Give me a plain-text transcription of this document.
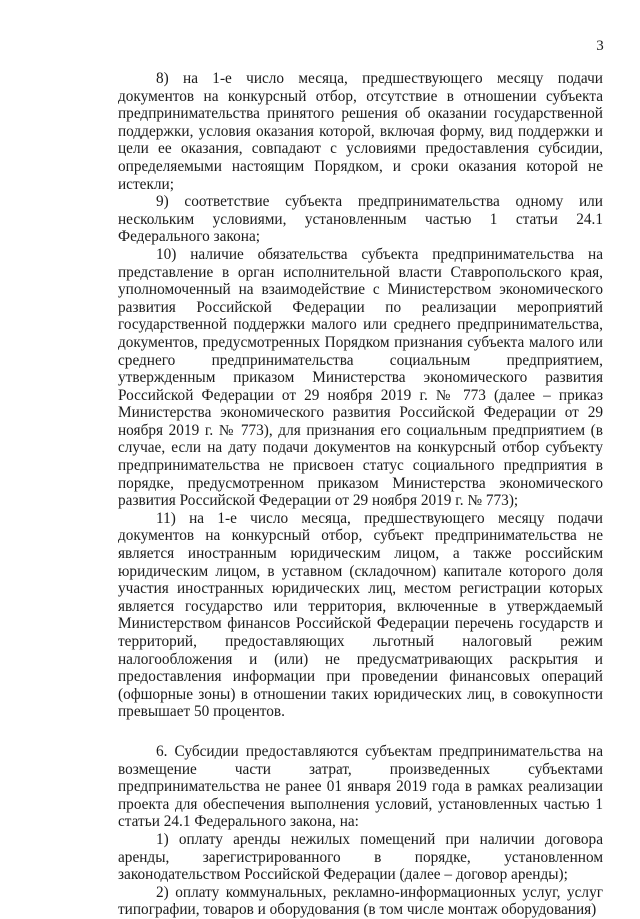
3

8) на 1-е число месяца, предшествующего месяцу подачи документов на конкурсный отбор, отсутствие в отношении субъекта предпринимательства принятого решения об оказании государственной поддержки, условия оказания которой, включая форму, вид поддержки и цели ее оказания, совпадают с условиями предоставления субсидии, определяемыми настоящим Порядком, и сроки оказания которой не истекли;

9) соответствие субъекта предпринимательства одному или нескольким условиями, установленным частью 1 статьи 24.1 Федерального закона;

10) наличие обязательства субъекта предпринимательства на представление в орган исполнительной власти Ставропольского края, уполномоченный на взаимодействие с Министерством экономического развития Российской Федерации по реализации мероприятий государственной поддержки малого или среднего предпринимательства, документов, предусмотренных Порядком признания субъекта малого или среднего предпринимательства социальным предприятием, утвержденным приказом Министерства экономического развития Российской Федерации от 29 ноября 2019 г. № 773 (далее – приказ Министерства экономического развития Российской Федерации от 29 ноября 2019 г. № 773), для признания его социальным предприятием (в случае, если на дату подачи документов на конкурсный отбор субъекту предпринимательства не присвоен статус социального предприятия в порядке, предусмотренном приказом Министерства экономического развития Российской Федерации от 29 ноября 2019 г. № 773);

11) на 1-е число месяца, предшествующего месяцу подачи документов на конкурсный отбор, субъект предпринимательства не является иностранным юридическим лицом, а также российским юридическим лицом, в уставном (складочном) капитале которого доля участия иностранных юридических лиц, местом регистрации которых является государство или территория, включенные в утверждаемый Министерством финансов Российской Федерации перечень государств и территорий, предоставляющих льготный налоговый режим налогообложения и (или) не предусматривающих раскрытия и предоставления информации при проведении финансовых операций (офшорные зоны) в отношении таких юридических лиц, в совокупности превышает 50 процентов.

6. Субсидии предоставляются субъектам предпринимательства на возмещение части затрат, произведенных субъектами предпринимательства не ранее 01 января 2019 года в рамках реализации проекта для обеспечения выполнения условий, установленных частью 1 статьи 24.1 Федерального закона, на:

1) оплату аренды нежилых помещений при наличии договора аренды, зарегистрированного в порядке, установленном законодательством Российской Федерации (далее – договор аренды);

2) оплату коммунальных, рекламно-информационных услуг, услуг типографии, товаров и оборудования (в том числе монтаж оборудования)
